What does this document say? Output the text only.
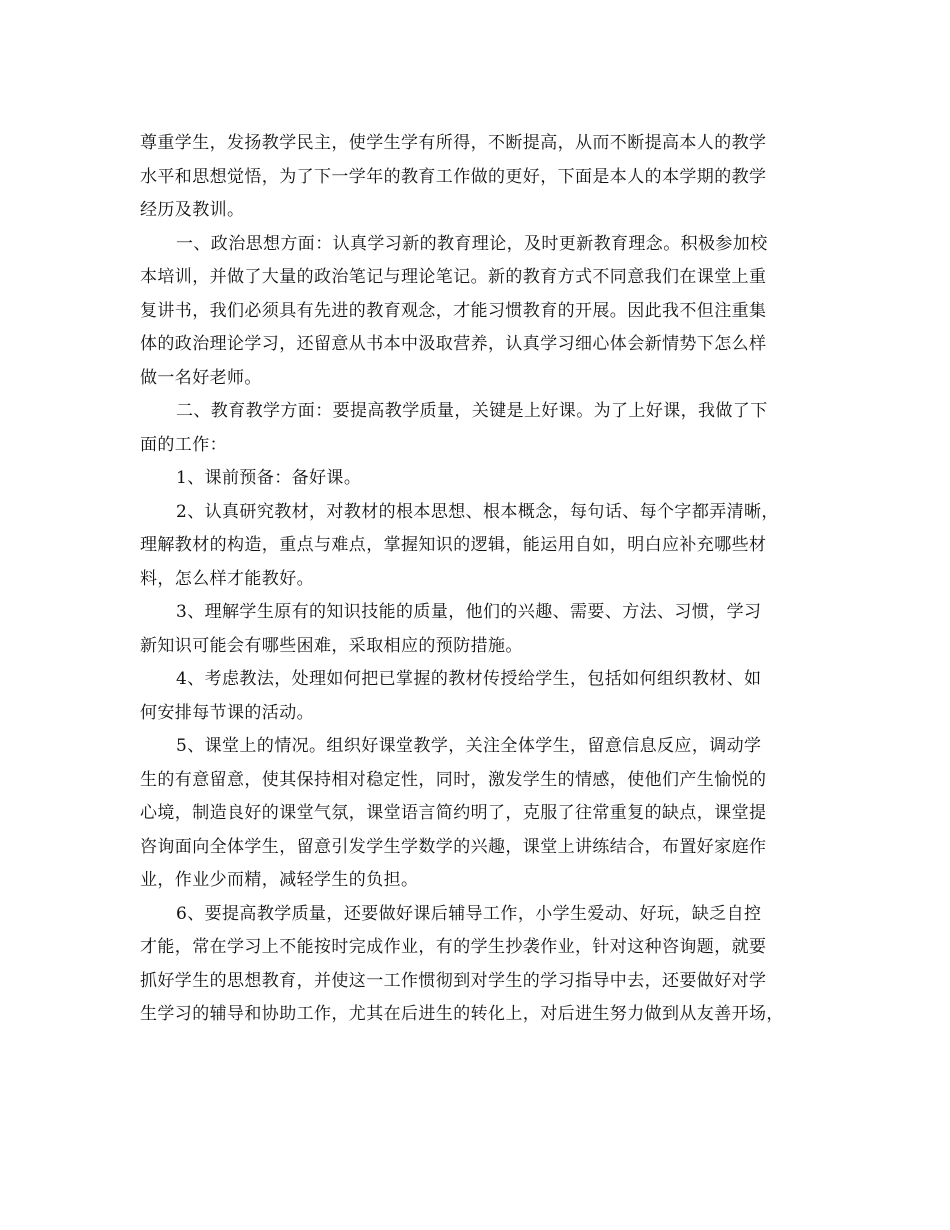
尊重学生，发扬教学民主，使学生学有所得，不断提高，从而不断提高本人的教学
水平和思想觉悟，为了下一学年的教育工作做的更好，下面是本人的本学期的教学
经历及教训。
一、政治思想方面：认真学习新的教育理论，及时更新教育理念。积极参加校
本培训，并做了大量的政治笔记与理论笔记。新的教育方式不同意我们在课堂上重
复讲书，我们必须具有先进的教育观念，才能习惯教育的开展。因此我不但注重集
体的政治理论学习，还留意从书本中汲取营养，认真学习细心体会新情势下怎么样
做一名好老师。
二、教育教学方面：要提高教学质量，关键是上好课。为了上好课，我做了下
面的工作：
1、课前预备：备好课。
2、认真研究教材，对教材的根本思想、根本概念，每句话、每个字都弄清晰，
理解教材的构造，重点与难点，掌握知识的逻辑，能运用自如，明白应补充哪些材
料，怎么样才能教好。
3、理解学生原有的知识技能的质量，他们的兴趣、需要、方法、习惯，学习
新知识可能会有哪些困难，采取相应的预防措施。
4、考虑教法，处理如何把已掌握的教材传授给学生，包括如何组织教材、如
何安排每节课的活动。
5、课堂上的情况。组织好课堂教学，关注全体学生，留意信息反应，调动学
生的有意留意，使其保持相对稳定性，同时，激发学生的情感，使他们产生愉悦的
心境，制造良好的课堂气氛，课堂语言简约明了，克服了往常重复的缺点，课堂提
咨询面向全体学生，留意引发学生学数学的兴趣，课堂上讲练结合，布置好家庭作
业，作业少而精，减轻学生的负担。
6、要提高教学质量，还要做好课后辅导工作，小学生爱动、好玩，缺乏自控
才能，常在学习上不能按时完成作业，有的学生抄袭作业，针对这种咨询题，就要
抓好学生的思想教育，并使这一工作惯彻到对学生的学习指导中去，还要做好对学
生学习的辅导和协助工作，尤其在后进生的转化上，对后进生努力做到从友善开场，
